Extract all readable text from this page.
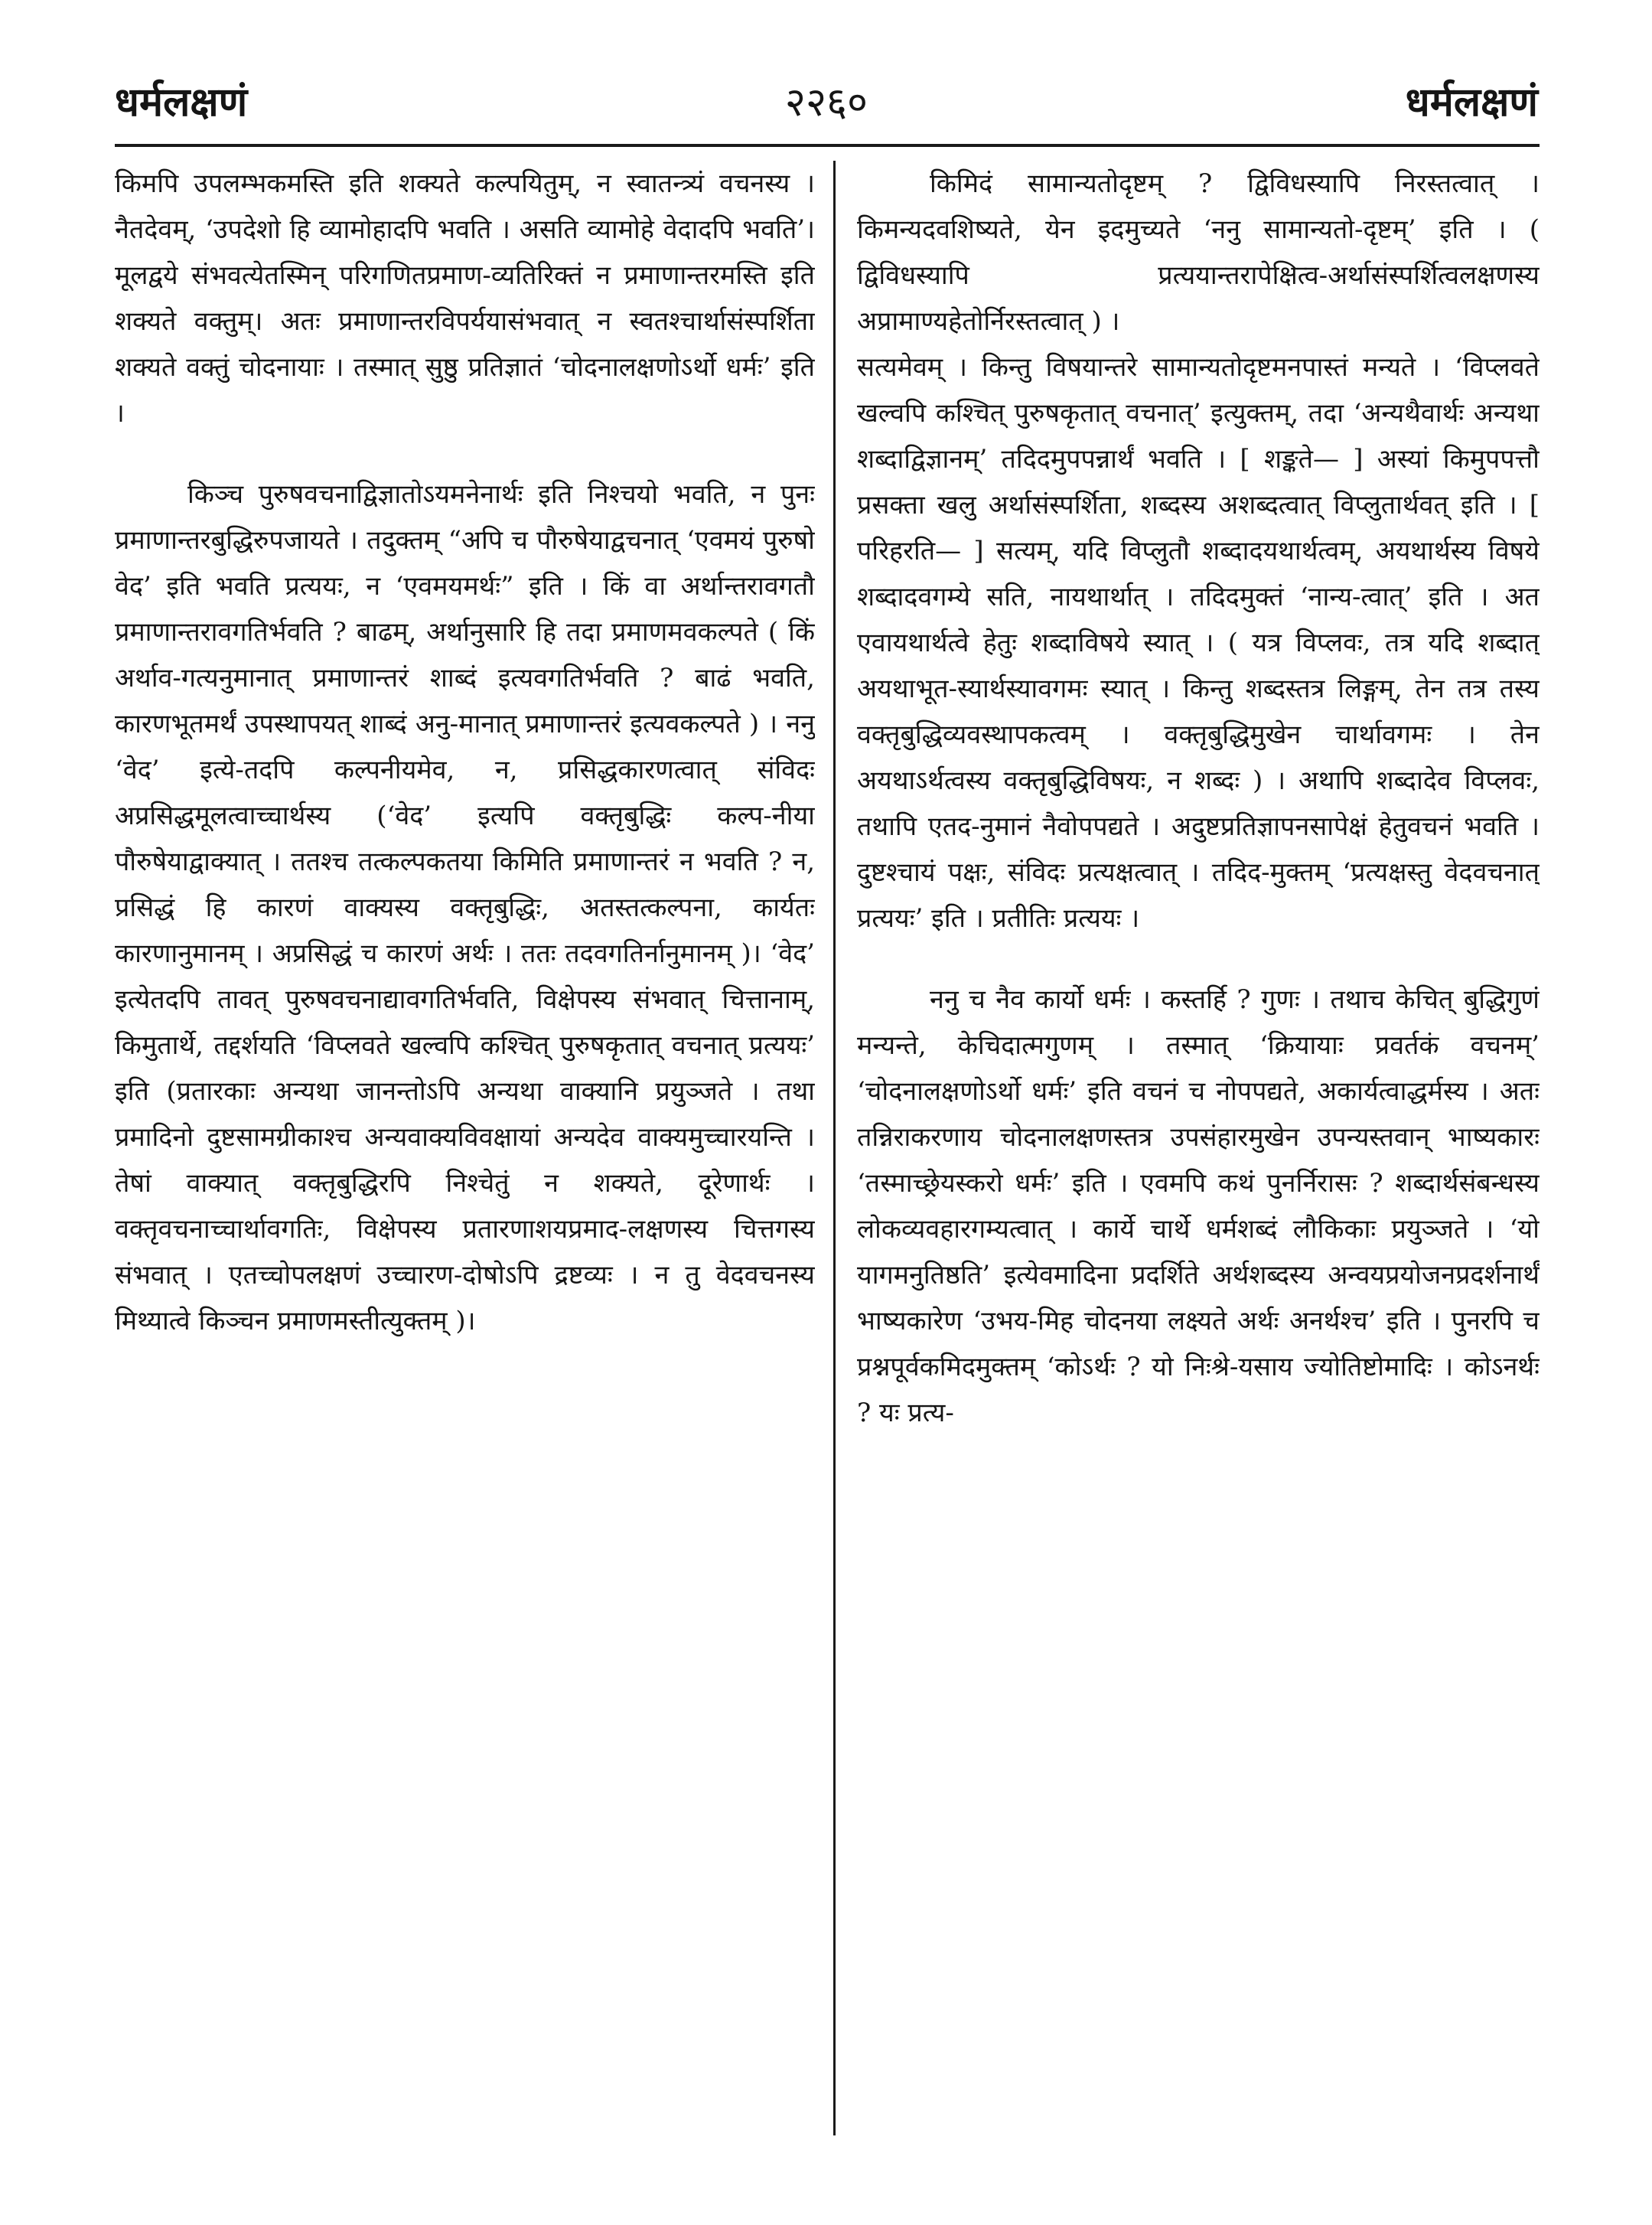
२२६०
धर्मलक्षणं	धर्मलक्षणं

किमपि उपलम्भकमस्ति इति शक्यते कल्पयितुम्, न स्वातन्त्र्यं वचनस्य । नैतदेवम्, ‘उपदेशो हि व्यामोहादपि भवति । असति व्यामोहे वेदादपि भवति’। मूलद्वये संभवत्येतस्मिन् परिगणितप्रमाण-व्यतिरिक्तं न प्रमाणान्तरमस्ति इति शक्यते वक्तुम्। अतः प्रमाणान्तरविपर्ययासंभवात् न स्वतश्चार्थासंस्पर्शिता शक्यते वक्तुं चोदनायाः । तस्मात् सुष्ठु प्रतिज्ञातं ‘चोदनालक्षणोऽर्थो धर्मः’ इति ।

किञ्च पुरुषवचनाद्विज्ञातोऽयमनेनार्थः इति निश्चयो भवति, न पुनः प्रमाणान्तरबुद्धिरुपजायते । तदुक्तम् “अपि च पौरुषेयाद्वचनात् ‘एवमयं पुरुषो वेद’ इति भवति प्रत्ययः, न ‘एवमयमर्थः” इति । किं वा अर्थान्तरावगतौ प्रमाणान्तरावगतिर्भवति ? बाढम्, अर्थानुसारि हि तदा प्रमाणमवकल्पते ( किं अर्थाव-गत्यनुमानात् प्रमाणान्तरं शाब्दं इत्यवगतिर्भवति ? बाढं भवति, कारणभूतमर्थं उपस्थापयत् शाब्दं अनु-मानात् प्रमाणान्तरं इत्यवकल्पते ) । ननु ‘वेद’ इत्ये-तदपि कल्पनीयमेव, न, प्रसिद्धकारणत्वात् संविदः अप्रसिद्धमूलत्वाच्चार्थस्य (‘वेद’ इत्यपि वक्तृबुद्धिः कल्प-नीया पौरुषेयाद्वाक्यात् । ततश्च तत्कल्पकतया किमिति प्रमाणान्तरं न भवति ? न, प्रसिद्धं हि कारणं वाक्यस्य वक्तृबुद्धिः, अतस्तत्कल्पना, कार्यतः कारणानुमानम् । अप्रसिद्धं च कारणं अर्थः । ततः तदवगतिर्नानुमानम् )। ‘वेद’ इत्येतदपि तावत् पुरुषवचनाद्यावगतिर्भवति, विक्षेपस्य संभवात् चित्तानाम्, किमुतार्थे, तद्दर्शयति ‘विप्लवते खल्वपि कश्चित् पुरुषकृतात् वचनात् प्रत्ययः’ इति (प्रतारकाः अन्यथा जानन्तोऽपि अन्यथा वाक्यानि प्रयुञ्जते । तथा प्रमादिनो दुष्टसामग्रीकाश्च अन्यवाक्यविवक्षायां अन्यदेव वाक्यमुच्चारयन्ति । तेषां वाक्यात् वक्तृबुद्धिरपि निश्चेतुं न शक्यते, दूरेणार्थः । वक्तृवचनाच्चार्थावगतिः, विक्षेपस्य प्रतारणाशयप्रमाद-लक्षणस्य चित्तगस्य संभवात् । एतच्चोपलक्षणं उच्चारण-दोषोऽपि द्रष्टव्यः । न तु वेदवचनस्य मिथ्यात्वे किञ्चन प्रमाणमस्तीत्युक्तम् )।

किमिदं सामान्यतोदृष्टम् ? द्विविधस्यापि निरस्तत्वात् । किमन्यदवशिष्यते, येन इदमुच्यते ‘ननु सामान्यतो-दृष्टम्’ इति । ( द्विविधस्यापि प्रत्ययान्तरापेक्षित्व-अर्थासंस्पर्शित्वलक्षणस्य अप्रामाण्यहेतोर्निरस्तत्वात् ) ।

सत्यमेवम् । किन्तु विषयान्तरे सामान्यतोदृष्टमनपास्तं मन्यते । ‘विप्लवते खल्वपि कश्चित् पुरुषकृतात् वचनात्’ इत्युक्तम्, तदा ‘अन्यथैवार्थः अन्यथा शब्दाद्विज्ञानम्’ तदिदमुपपन्नार्थं भवति । [ शङ्कते— ] अस्यां किमुपपत्तौ प्रसक्ता खलु अर्थासंस्पर्शिता, शब्दस्य अशब्दत्वात् विप्लुतार्थवत् इति । [ परिहरति— ] सत्यम्, यदि विप्लुतौ शब्दादयथार्थत्वम्, अयथार्थस्य विषये शब्दादवगम्ये सति, नायथार्थात् । तदिदमुक्तं ‘नान्य-त्वात्’ इति । अत एवायथार्थत्वे हेतुः शब्दाविषये स्यात् । ( यत्र विप्लवः, तत्र यदि शब्दात् अयथाभूत-स्यार्थस्यावगमः स्यात् । किन्तु शब्दस्तत्र लिङ्गम्, तेन तत्र तस्य वक्तृबुद्धिव्यवस्थापकत्वम् । वक्तृबुद्धिमुखेन चार्थावगमः । तेन अयथाऽर्थत्वस्य वक्तृबुद्धिविषयः, न शब्दः ) । अथापि शब्दादेव विप्लवः, तथापि एतद-नुमानं नैवोपपद्यते । अदुष्टप्रतिज्ञापनसापेक्षं हेतुवचनं भवति । दुष्टश्चायं पक्षः, संविदः प्रत्यक्षत्वात् । तदिद-मुक्तम् ‘प्रत्यक्षस्तु वेदवचनात् प्रत्ययः’ इति । प्रतीतिः प्रत्ययः ।

ननु च नैव कार्यो धर्मः । कस्तर्हि ? गुणः । तथाच केचित् बुद्धिगुणं मन्यन्ते, केचिदात्मगुणम् । तस्मात् ‘क्रियायाः प्रवर्तकं वचनम्’ ‘चोदनालक्षणोऽर्थो धर्मः’ इति वचनं च नोपपद्यते, अकार्यत्वाद्धर्मस्य । अतः तन्निराकरणाय चोदनालक्षणस्तत्र उपसंहारमुखेन उपन्यस्तवान् भाष्यकारः ‘तस्माच्छ्रेयस्करो धर्मः’ इति । एवमपि कथं पुनर्निरासः ? शब्दार्थसंबन्धस्य लोकव्यवहारगम्यत्वात् । कार्ये चार्थे धर्मशब्दं लौकिकाः प्रयुञ्जते । ‘यो यागमनुतिष्ठति’ इत्येवमादिना प्रदर्शिते अर्थशब्दस्य अन्वयप्रयोजनप्रदर्शनार्थं भाष्यकारेण ‘उभय-मिह चोदनया लक्ष्यते अर्थः अनर्थश्च’ इति । पुनरपि च प्रश्नपूर्वकमिदमुक्तम् ‘कोऽर्थः ? यो निःश्रे-यसाय ज्योतिष्टोमादिः । कोऽनर्थः ? यः प्रत्य-
